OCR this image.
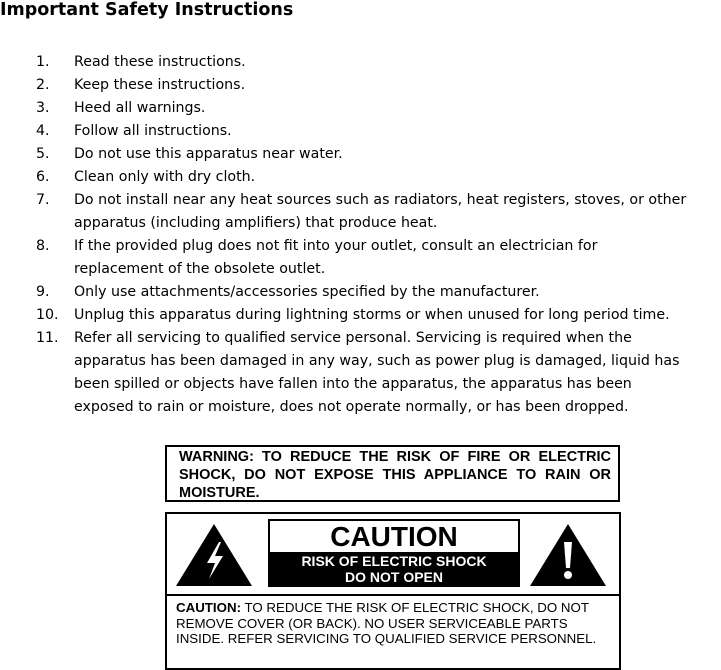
Important Safety Instructions
1. Read these instructions.
2. Keep these instructions.
3. Heed all warnings.
4. Follow all instructions.
5. Do not use this apparatus near water.
6. Clean only with dry cloth.
7. Do not install near any heat sources such as radiators, heat registers, stoves, or other
apparatus (including amplifiers) that produce heat.
8. If the provided plug does not fit into your outlet, consult an electrician for
replacement of the obsolete outlet.
9. Only use attachments/accessories specified by the manufacturer.
10. Unplug this apparatus during lightning storms or when unused for long period time.
11. Refer all servicing to qualified service personal. Servicing is required when the
apparatus has been damaged in any way, such as power plug is damaged, liquid has
been spilled or objects have fallen into the apparatus, the apparatus has been
exposed to rain or moisture, does not operate normally, or has been dropped.
WARNING: TO REDUCE THE RISK OF FIRE OR ELECTRIC SHOCK, DO NOT EXPOSE THIS APPLIANCE TO RAIN OR MOISTURE.
CAUTION
RISK OF ELECTRIC SHOCK
DO NOT OPEN
CAUTION: TO REDUCE THE RISK OF ELECTRIC SHOCK, DO NOT REMOVE COVER (OR BACK). NO USER SERVICEABLE PARTS INSIDE. REFER SERVICING TO QUALIFIED SERVICE PERSONNEL.
